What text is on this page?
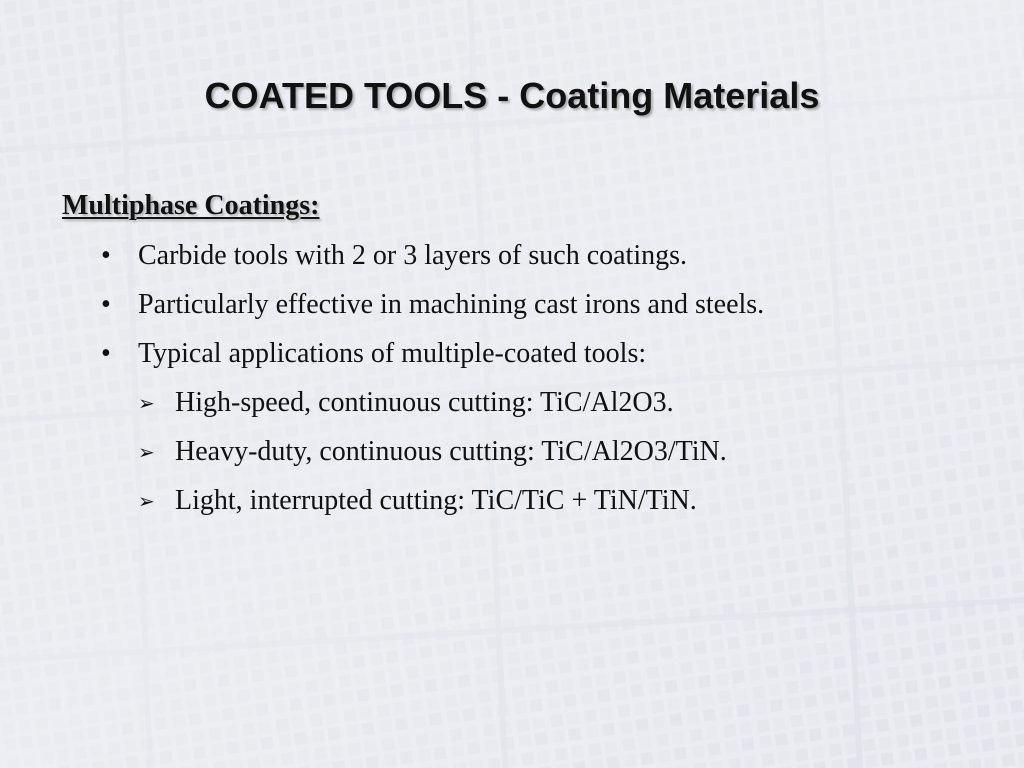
COATED TOOLS - Coating Materials
Multiphase Coatings:
• Carbide tools with 2 or 3 layers of such coatings.
• Particularly effective in machining cast irons and steels.
• Typical applications of multiple-coated tools:
➢ High-speed, continuous cutting: TiC/Al2O3.
➢ Heavy-duty, continuous cutting: TiC/Al2O3/TiN.
➢ Light, interrupted cutting: TiC/TiC + TiN/TiN.
